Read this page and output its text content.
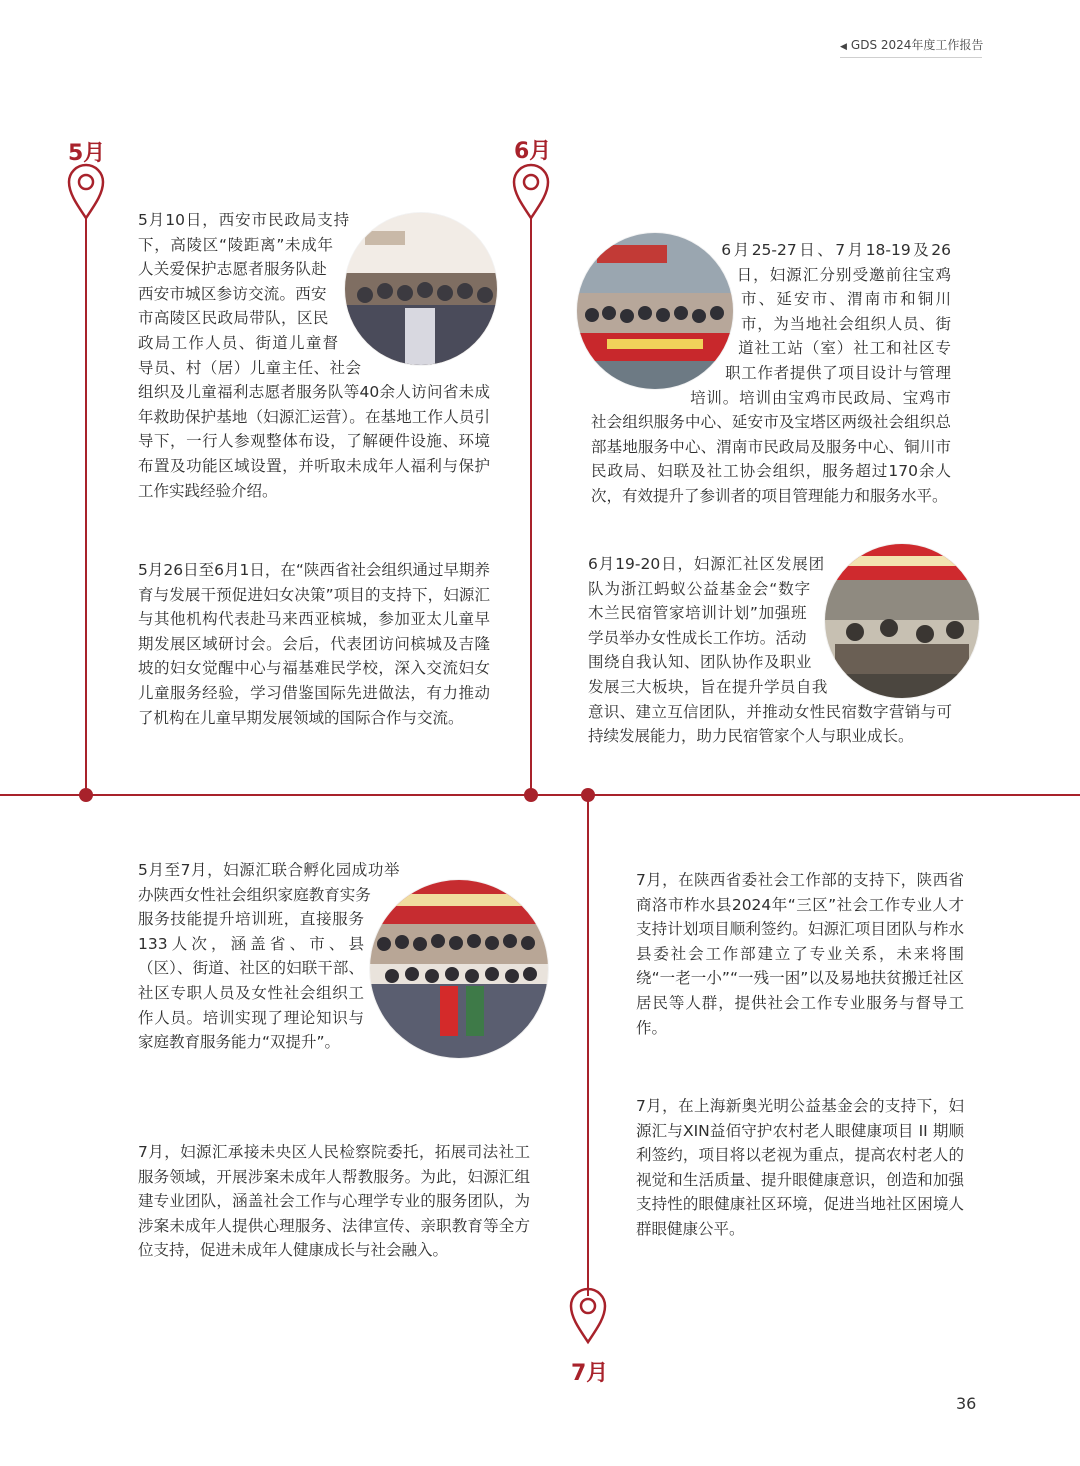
◀ GDS 2024年度工作报告
5月	6月
7月

5月10日，西安市民政局支持下，高陵区“陵距离”未成年人关爱保护志愿者服务队赴西安市城区参访交流。西安市高陵区民政局带队，区民政局工作人员、街道儿童督导员、村（居）儿童主任、社会组织及儿童福利志愿者服务队等40余人访问省未成年救助保护基地（妇源汇运营）。在基地工作人员引导下，一行人参观整体布设，了解硬件设施、环境布置及功能区域设置，并听取未成年人福利与保护工作实践经验介绍。

5月26日至6月1日，在“陕西省社会组织通过早期养育与发展干预促进妇女决策”项目的支持下，妇源汇与其他机构代表赴马来西亚槟城，参加亚太儿童早期发展区域研讨会。会后，代表团访问槟城及吉隆坡的妇女觉醒中心与福基难民学校，深入交流妇女儿童服务经验，学习借鉴国际先进做法，有力推动了机构在儿童早期发展领域的国际合作与交流。

6月25-27日、7月18-19及26日，妇源汇分别受邀前往宝鸡市、延安市、渭南市和铜川市，为当地社会组织人员、街道社工站（室）社工和社区专职工作者提供了项目设计与管理培训。培训由宝鸡市民政局、宝鸡市社会组织服务中心、延安市及宝塔区两级社会组织总部基地服务中心、渭南市民政局及服务中心、铜川市民政局、妇联及社工协会组织，服务超过170余人次，有效提升了参训者的项目管理能力和服务水平。

6月19-20日，妇源汇社区发展团队为浙江蚂蚁公益基金会“数字木兰民宿管家培训计划”加强班学员举办女性成长工作坊。活动围绕自我认知、团队协作及职业发展三大板块，旨在提升学员自我意识、建立互信团队，并推动女性民宿数字营销与可持续发展能力，助力民宿管家个人与职业成长。

5月至7月，妇源汇联合孵化园成功举办陕西女性社会组织家庭教育实务服务技能提升培训班，直接服务133人次，涵盖省、市、县（区）、街道、社区的妇联干部、社区专职人员及女性社会组织工作人员。培训实现了理论知识与家庭教育服务能力“双提升”。

7月，妇源汇承接未央区人民检察院委托，拓展司法社工服务领域，开展涉案未成年人帮教服务。为此，妇源汇组建专业团队，涵盖社会工作与心理学专业的服务团队，为涉案未成年人提供心理服务、法律宣传、亲职教育等全方位支持，促进未成年人健康成长与社会融入。

7月，在陕西省委社会工作部的支持下，陕西省商洛市柞水县2024年“三区”社会工作专业人才支持计划项目顺利签约。妇源汇项目团队与柞水县委社会工作部建立了专业关系，未来将围绕“一老一小”“一残一困”以及易地扶贫搬迁社区居民等人群，提供社会工作专业服务与督导工作。

7月，在上海新奥光明公益基金会的支持下，妇源汇与XIN益佰守护农村老人眼健康项目 II 期顺利签约，项目将以老视为重点，提高农村老人的视觉和生活质量、提升眼健康意识，创造和加强支持性的眼健康社区环境，促进当地社区困境人群眼健康公平。

36
